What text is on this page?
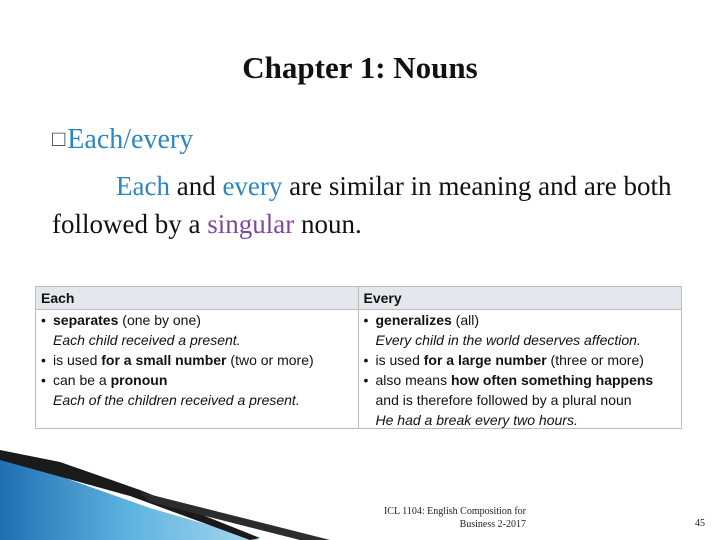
Chapter 1: Nouns
□Each/every
Each and every are similar in meaning and are both followed by a singular noun.
Each
• separates (one by one)
Each child received a present.
• is used for a small number (two or more)
• can be a pronoun
Each of the children received a present.
Every
• generalizes (all)
Every child in the world deserves affection.
• is used for a large number (three or more)
• also means how often something happens
and is therefore followed by a plural noun
He had a break every two hours.
ICL 1104: English Composition for
Business 2-2017	45
